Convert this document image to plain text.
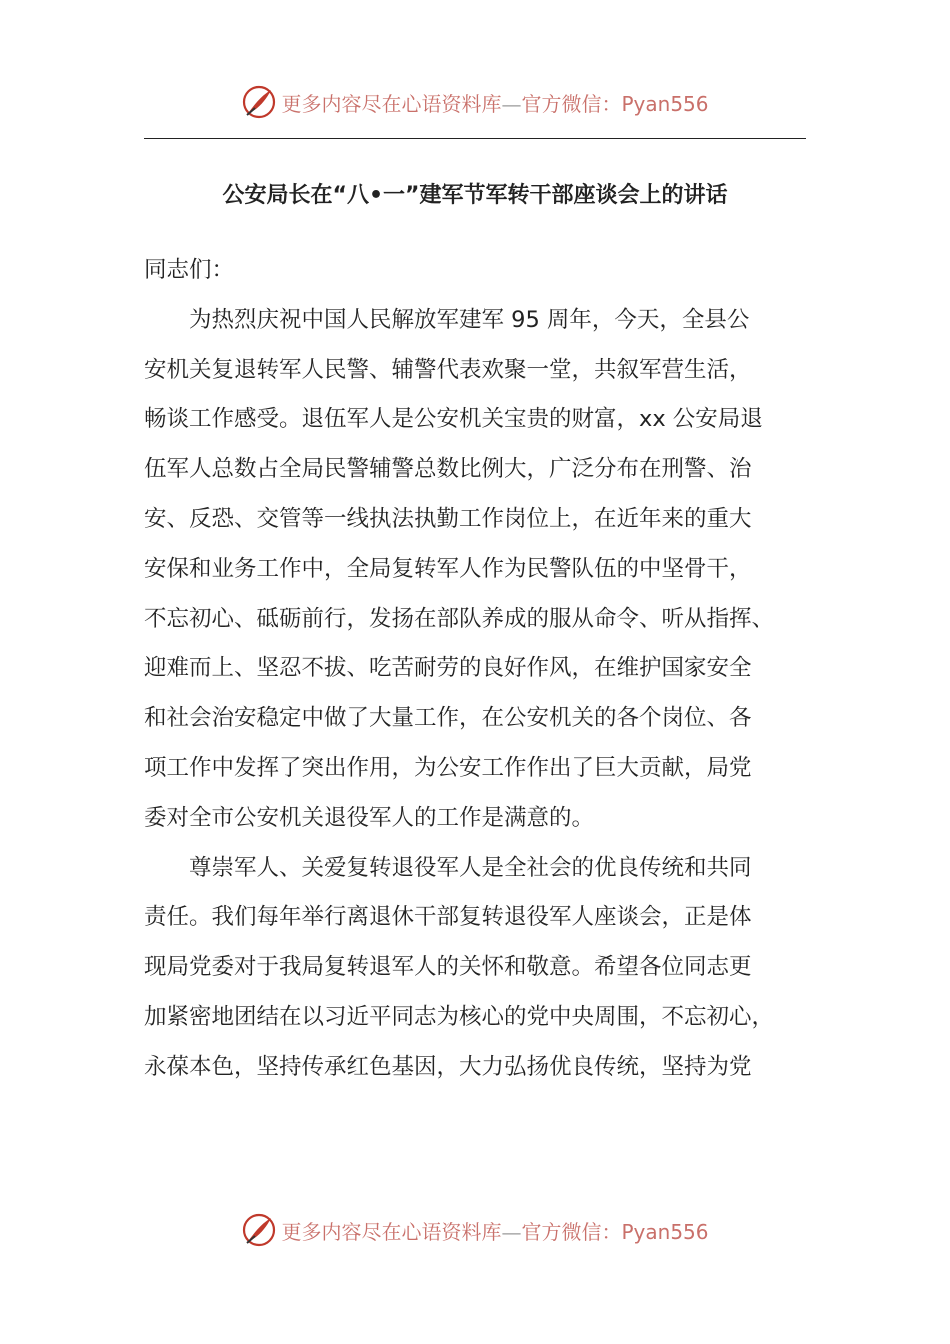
更多内容尽在心语资料库—官方微信：Pyan556
公安局长在“八•一”建军节军转干部座谈会上的讲话
同志们：
　　为热烈庆祝中国人民解放军建军 95 周年，今天，全县公
安机关复退转军人民警、辅警代表欢聚一堂，共叙军营生活，
畅谈工作感受。退伍军人是公安机关宝贵的财富，xx 公安局退
伍军人总数占全局民警辅警总数比例大，广泛分布在刑警、治
安、反恐、交管等一线执法执勤工作岗位上，在近年来的重大
安保和业务工作中，全局复转军人作为民警队伍的中坚骨干，
不忘初心、砥砺前行，发扬在部队养成的服从命令、听从指挥、
迎难而上、坚忍不拔、吃苦耐劳的良好作风，在维护国家安全
和社会治安稳定中做了大量工作，在公安机关的各个岗位、各
项工作中发挥了突出作用，为公安工作作出了巨大贡献，局党
委对全市公安机关退役军人的工作是满意的。
　　尊崇军人、关爱复转退役军人是全社会的优良传统和共同
责任。我们每年举行离退休干部复转退役军人座谈会，正是体
现局党委对于我局复转退军人的关怀和敬意。希望各位同志更
加紧密地团结在以习近平同志为核心的党中央周围，不忘初心，
永葆本色，坚持传承红色基因，大力弘扬优良传统，坚持为党
更多内容尽在心语资料库—官方微信：Pyan556
